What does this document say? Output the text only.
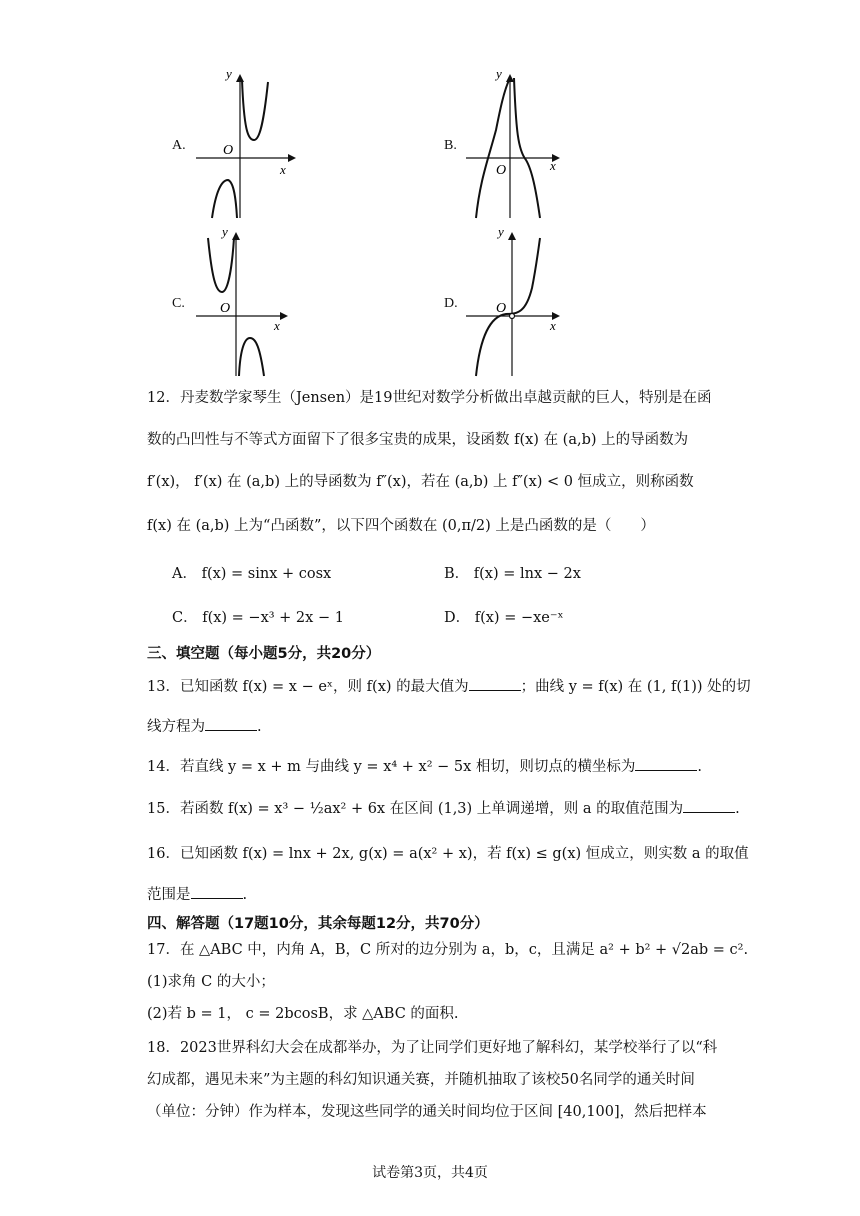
A.
y
x
O	B.
y
x
O
C.
y
x
O	D.
y
x
O
12．丹麦数学家琴生（Jensen）是19世纪对数学分析做出卓越贡献的巨人，特别是在函
数的凸凹性与不等式方面留下了很多宝贵的成果，设函数 f(x) 在 (a,b) 上的导函数为
f′(x)， f′(x) 在 (a,b) 上的导函数为 f″(x)，若在 (a,b) 上 f″(x) < 0 恒成立，则称函数
f(x) 在 (a,b) 上为“凸函数”，以下四个函数在 (0,π/2) 上是凸函数的是（　　）
A． f(x) = sinx + cosx	B． f(x) = lnx − 2x
C． f(x) = −x³ + 2x − 1	D． f(x) = −xe⁻ˣ
三、填空题（每小题5分，共20分）
13．已知函数 f(x) = x − eˣ，则 f(x) 的最大值为	；曲线 y = f(x) 在 (1, f(1)) 处的切
线方程为	.
14．若直线 y = x + m 与曲线 y = x⁴ + x² − 5x 相切，则切点的横坐标为	.
15．若函数 f(x) = x³ − ½ax² + 6x 在区间 (1,3) 上单调递增，则 a 的取值范围为	.
16．已知函数 f(x) = lnx + 2x, g(x) = a(x² + x)，若 f(x) ≤ g(x) 恒成立，则实数 a 的取值
范围是	.
四、解答题（17题10分，其余每题12分，共70分）
17．在 △ABC 中，内角 A，B，C 所对的边分别为 a，b，c，且满足 a² + b² + √2ab = c².
(1)求角 C 的大小；
(2)若 b = 1， c = 2bcosB，求 △ABC 的面积.
18．2023世界科幻大会在成都举办，为了让同学们更好地了解科幻，某学校举行了以“科
幻成都，遇见未来”为主题的科幻知识通关赛，并随机抽取了该校50名同学的通关时间
（单位：分钟）作为样本，发现这些同学的通关时间均位于区间 [40,100]，然后把样本
试卷第3页，共4页
